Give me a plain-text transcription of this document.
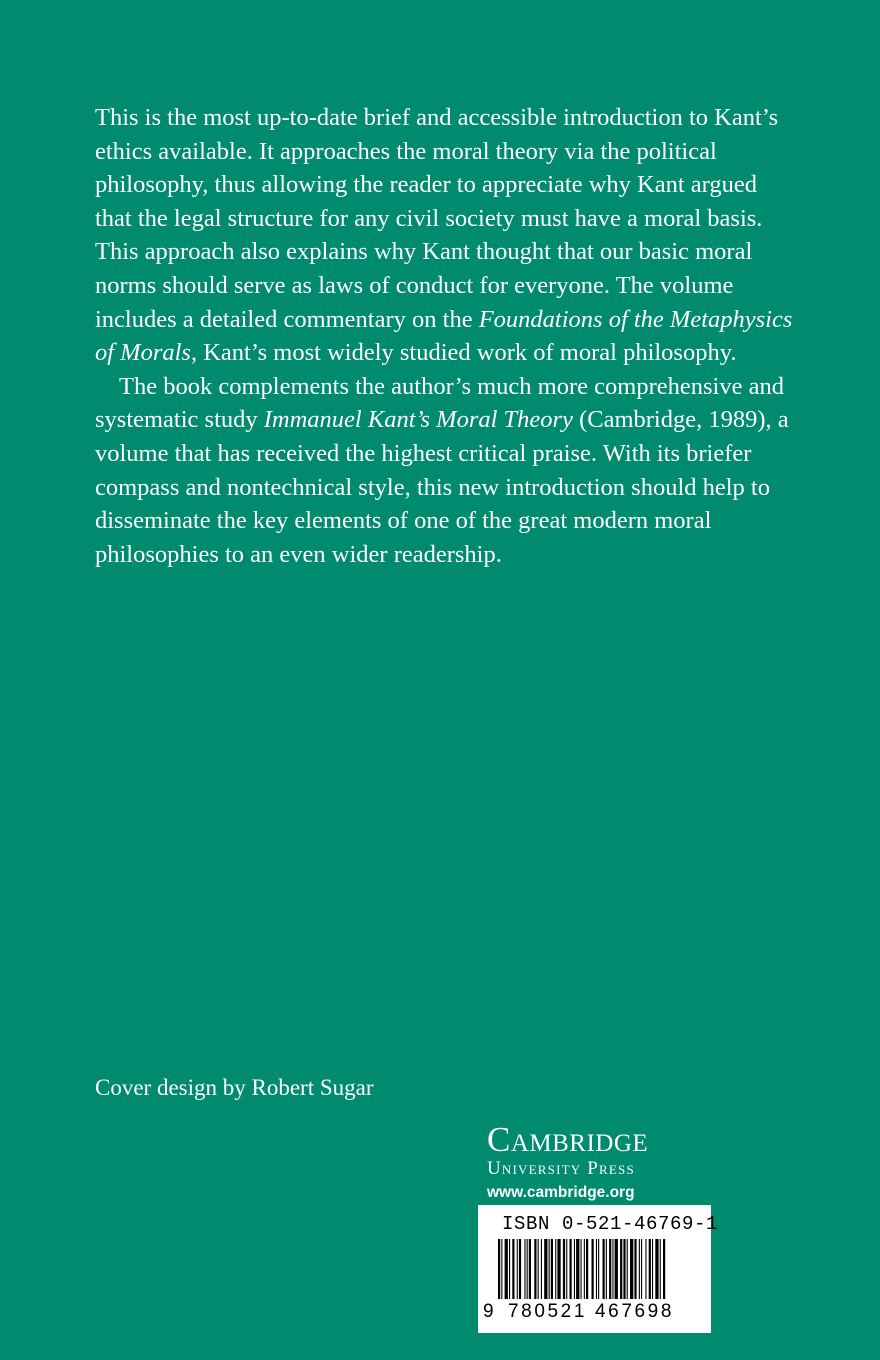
This is the most up-to-date brief and accessible introduction to Kant’s ethics available. It approaches the moral theory via the political philosophy, thus allowing the reader to appreciate why Kant argued that the legal structure for any civil society must have a moral basis. This approach also explains why Kant thought that our basic moral norms should serve as laws of conduct for everyone. The volume includes a detailed commentary on the Foundations of the Metaphysics of Morals, Kant’s most widely studied work of moral philosophy.

The book complements the author’s much more comprehensive and systematic study Immanuel Kant’s Moral Theory (Cambridge, 1989), a volume that has received the highest critical praise. With its briefer compass and nontechnical style, this new introduction should help to disseminate the key elements of one of the great modern moral philosophies to an even wider readership.

Cover design by Robert Sugar
Cambridge
University Press
www.cambridge.org
ISBN 0-521-46769-1
9 780521 467698
